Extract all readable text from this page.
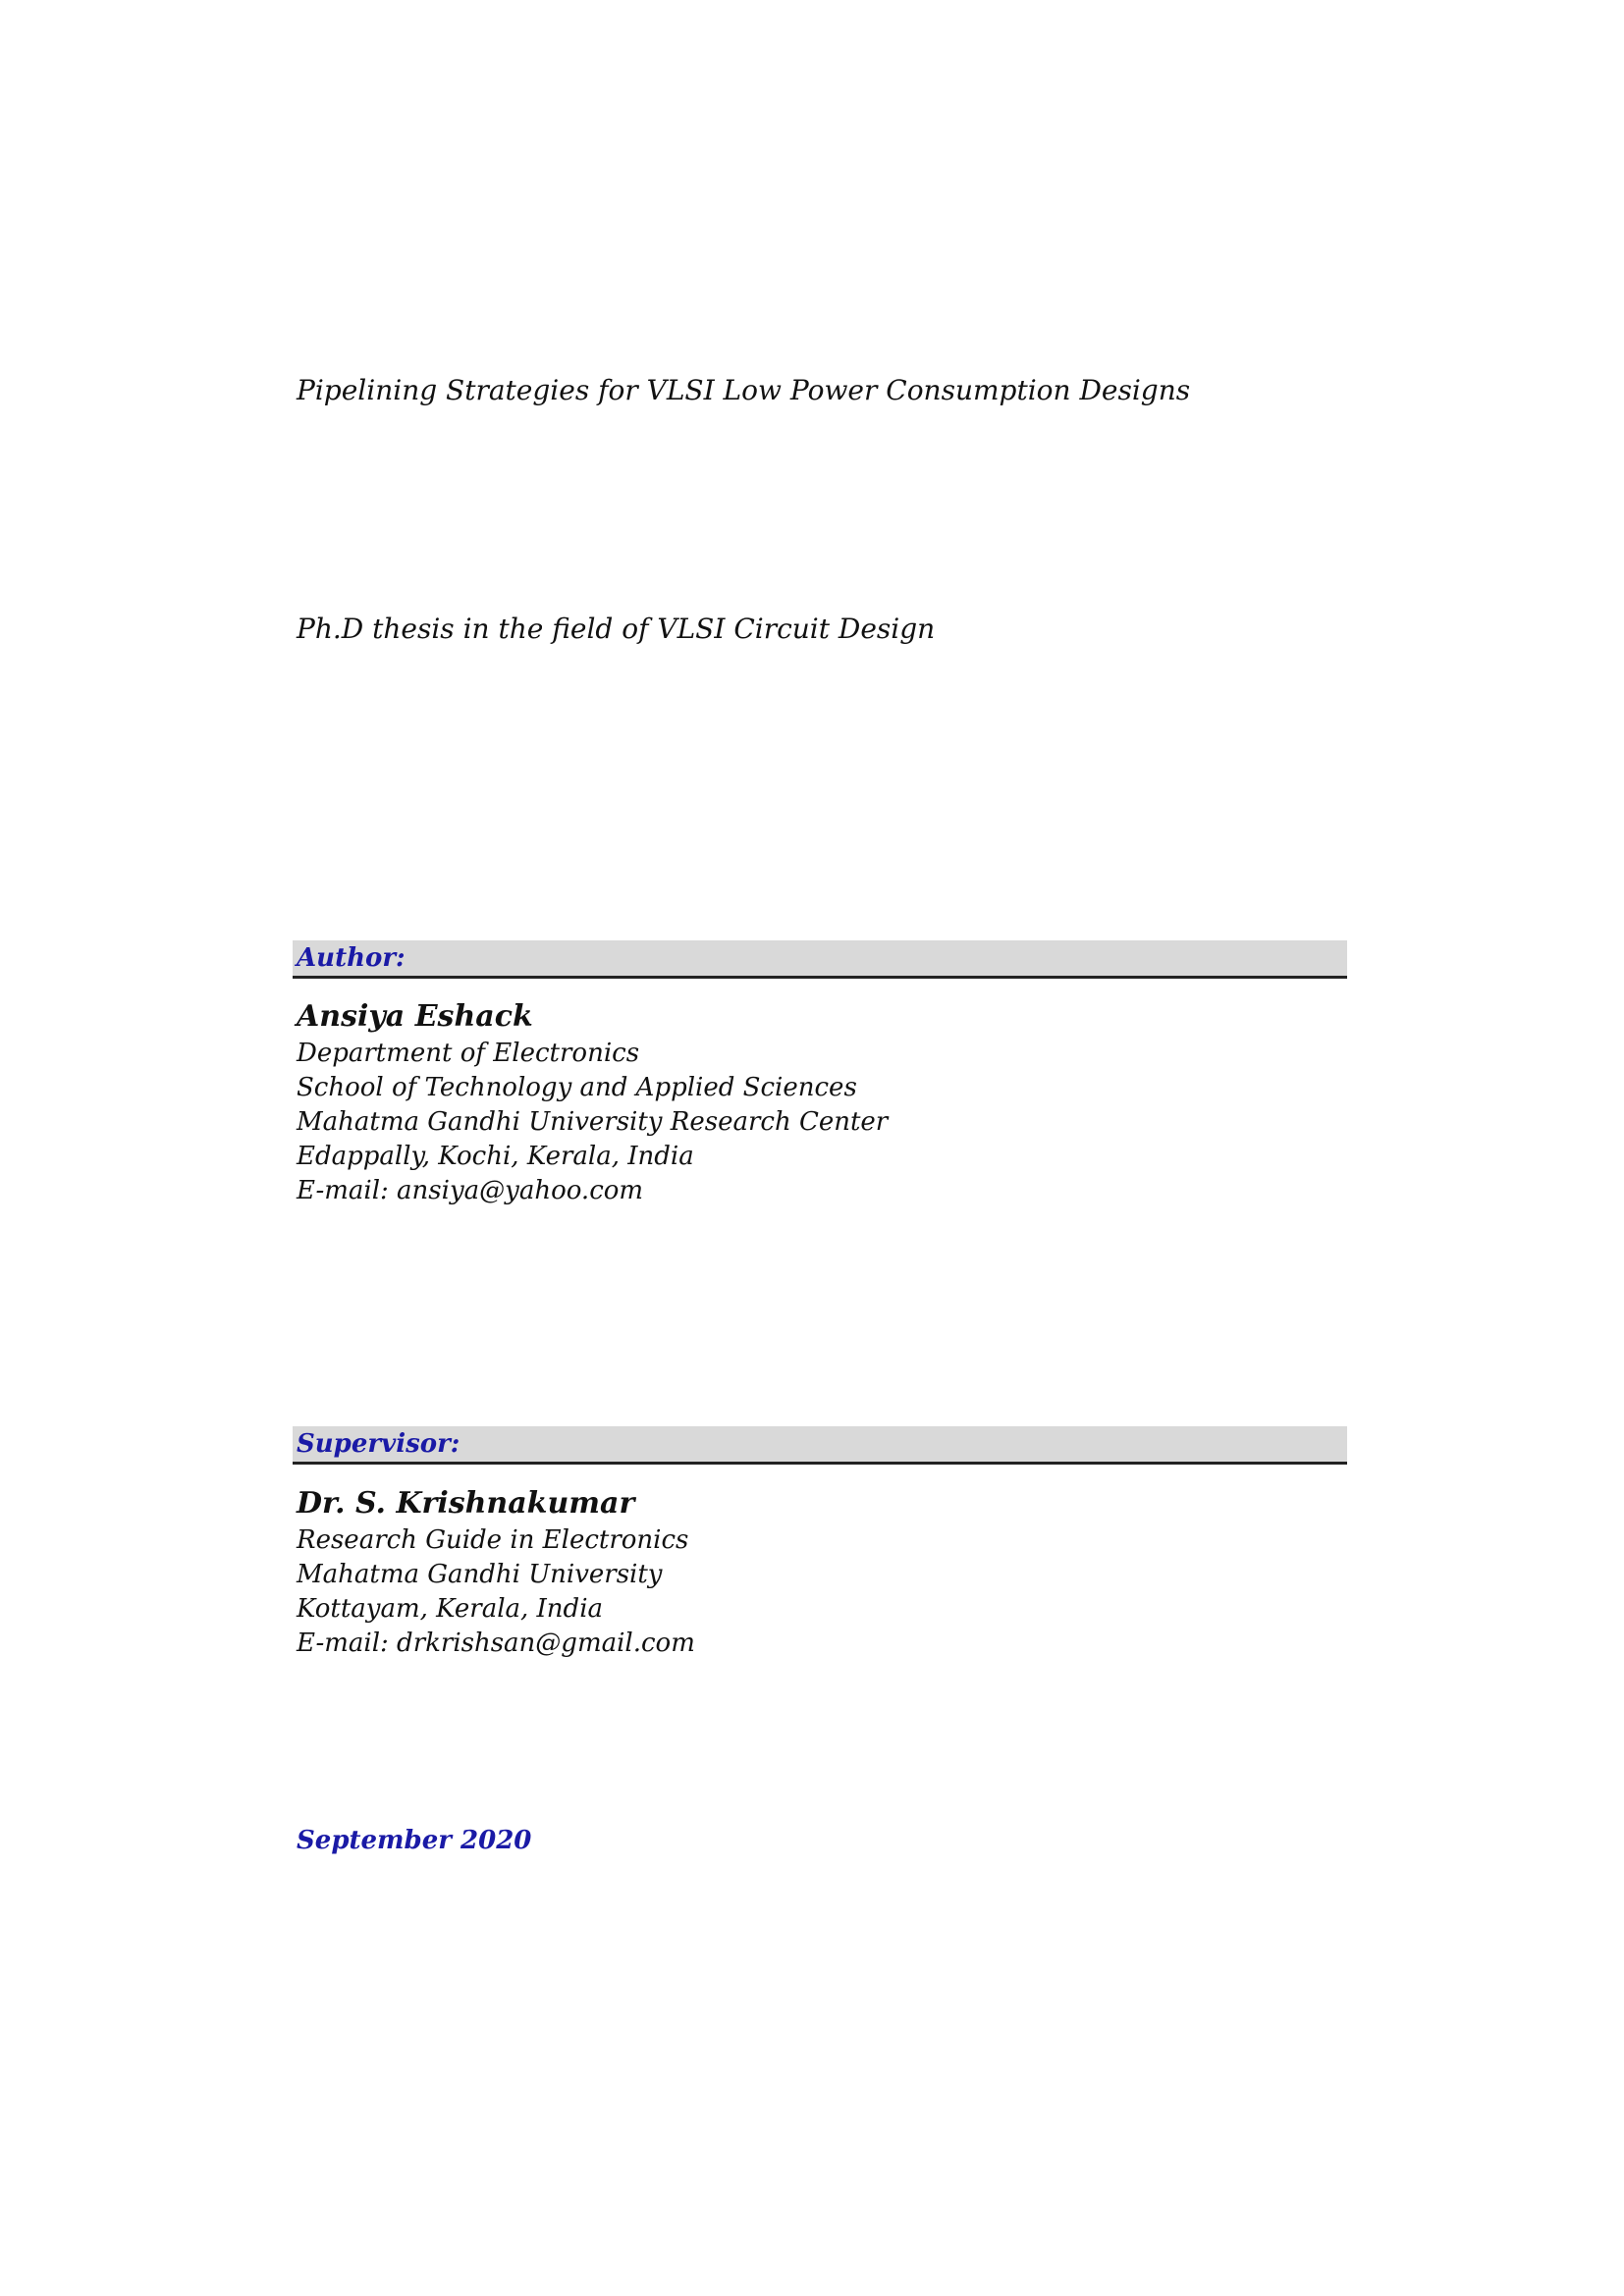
Pipelining Strategies for VLSI Low Power Consumption Designs
Ph.D thesis in the field of VLSI Circuit Design
Author:
Ansiya Eshack
Department of Electronics
School of Technology and Applied Sciences
Mahatma Gandhi University Research Center
Edappally, Kochi, Kerala, India
E-mail: ansiya@yahoo.com
Supervisor:
Dr. S. Krishnakumar
Research Guide in Electronics
Mahatma Gandhi University
Kottayam, Kerala, India
E-mail: drkrishsan@gmail.com
September 2020
